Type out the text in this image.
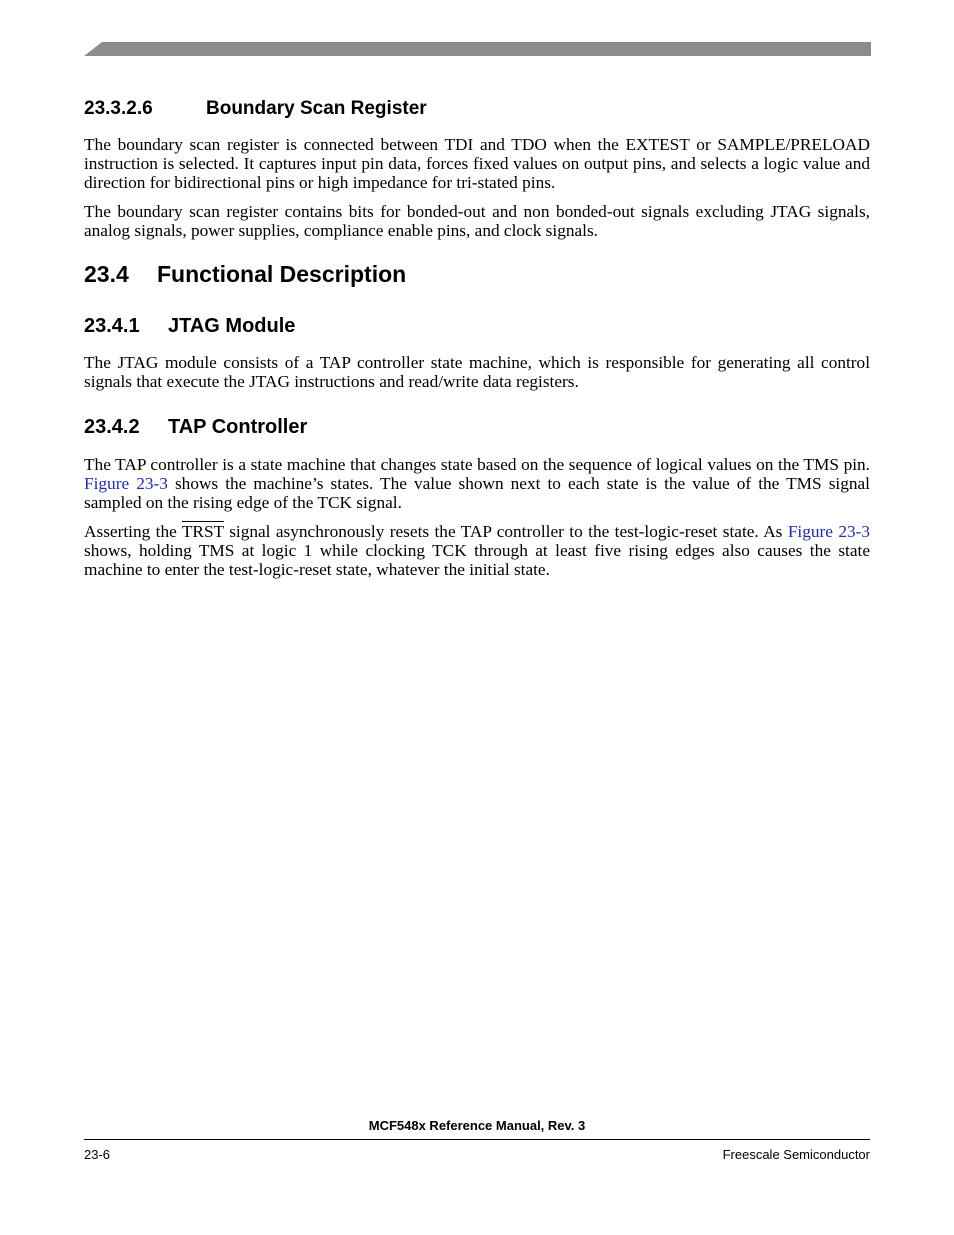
23.3.2.6	Boundary Scan Register

The boundary scan register is connected between TDI and TDO when the EXTEST or SAMPLE/PRELOAD instruction is selected. It captures input pin data, forces fixed values on output pins, and selects a logic value and direction for bidirectional pins or high impedance for tri-stated pins.

The boundary scan register contains bits for bonded-out and non bonded-out signals excluding JTAG signals, analog signals, power supplies, compliance enable pins, and clock signals.

23.4 Functional Description
23.4.1 JTAG Module

The JTAG module consists of a TAP controller state machine, which is responsible for generating all control signals that execute the JTAG instructions and read/write data registers.

23.4.2 TAP Controller

The TAP controller is a state machine that changes state based on the sequence of logical values on the TMS pin. Figure 23-3 shows the machine’s states. The value shown next to each state is the value of the TMS signal sampled on the rising edge of the TCK signal.

Asserting the TRST signal asynchronously resets the TAP controller to the test-logic-reset state. As Figure 23-3 shows, holding TMS at logic 1 while clocking TCK through at least five rising edges also causes the state machine to enter the test-logic-reset state, whatever the initial state.

MCF548x Reference Manual, Rev. 3
23-6	Freescale Semiconductor
